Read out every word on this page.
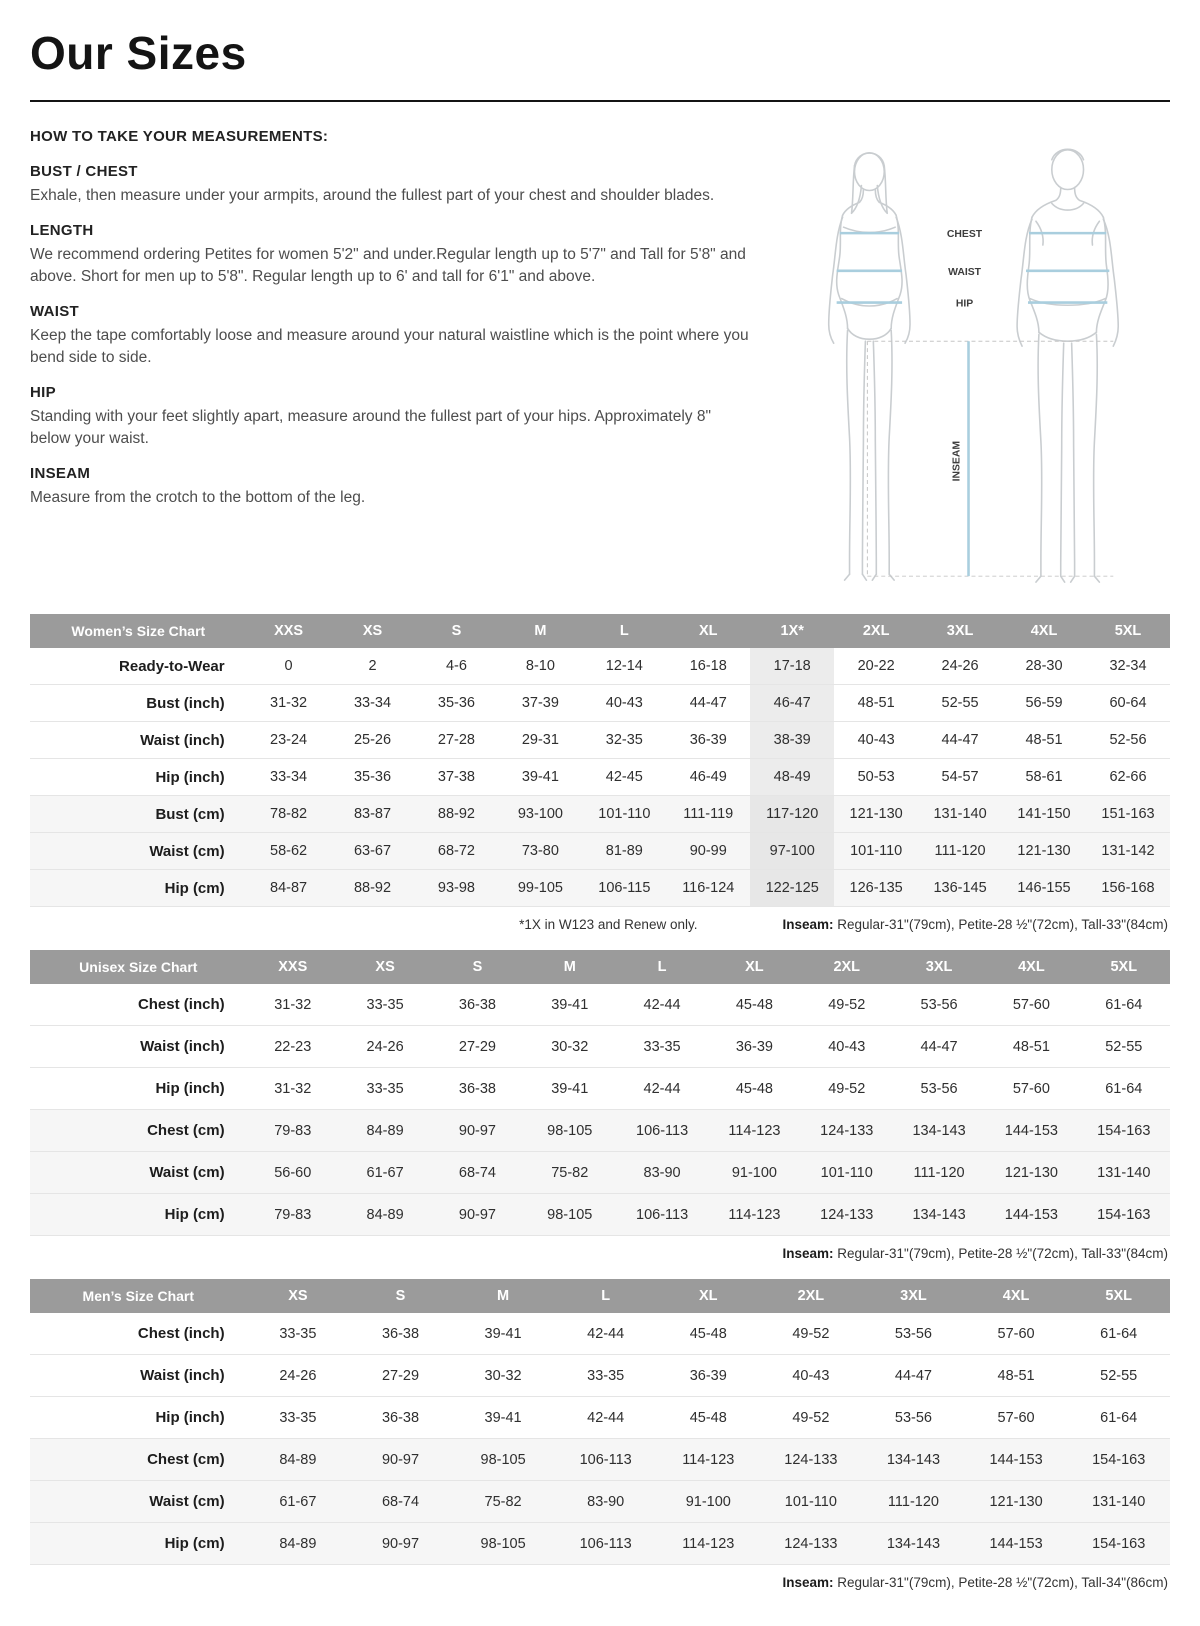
Our Sizes
HOW TO TAKE YOUR MEASUREMENTS:
BUST / CHEST
Exhale, then measure under your armpits, around the fullest part of your chest and shoulder blades.
LENGTH
We recommend ordering Petites for women 5'2" and under.Regular length up to 5'7" and Tall for 5'8" and above. Short for men up to 5'8". Regular length up to 6' and tall for 6'1" and above.
WAIST
Keep the tape comfortably loose and measure around your natural waistline which is the point where you bend side to side.
HIP
Standing with your feet slightly apart, measure around the fullest part of your hips. Approximately 8" below your waist.
INSEAM
Measure from the crotch to the bottom of the leg.
CHEST
WAIST
HIP
INSEAM
Women’s Size Chart	XXS	XS	S	M	L	XL	1X*	2XL	3XL	4XL	5XL
Ready-to-Wear	0	2	4-6	8-10	12-14	16-18	17-18	20-22	24-26	28-30	32-34
Bust (inch)	31-32	33-34	35-36	37-39	40-43	44-47	46-47	48-51	52-55	56-59	60-64
Waist (inch)	23-24	25-26	27-28	29-31	32-35	36-39	38-39	40-43	44-47	48-51	52-56
Hip (inch)	33-34	35-36	37-38	39-41	42-45	46-49	48-49	50-53	54-57	58-61	62-66
Bust (cm)	78-82	83-87	88-92	93-100	101-110	111-119	117-120	121-130	131-140	141-150	151-163
Waist (cm)	58-62	63-67	68-72	73-80	81-89	90-99	97-100	101-110	111-120	121-130	131-142
Hip (cm)	84-87	88-92	93-98	99-105	106-115	116-124	122-125	126-135	136-145	146-155	156-168
*1X in W123 and Renew only.	Inseam: Regular-31"(79cm), Petite-28 ½"(72cm), Tall-33"(84cm)
Unisex Size Chart	XXS	XS	S	M	L	XL	2XL	3XL	4XL	5XL
Chest (inch)	31-32	33-35	36-38	39-41	42-44	45-48	49-52	53-56	57-60	61-64
Waist (inch)	22-23	24-26	27-29	30-32	33-35	36-39	40-43	44-47	48-51	52-55
Hip (inch)	31-32	33-35	36-38	39-41	42-44	45-48	49-52	53-56	57-60	61-64
Chest (cm)	79-83	84-89	90-97	98-105	106-113	114-123	124-133	134-143	144-153	154-163
Waist (cm)	56-60	61-67	68-74	75-82	83-90	91-100	101-110	111-120	121-130	131-140
Hip (cm)	79-83	84-89	90-97	98-105	106-113	114-123	124-133	134-143	144-153	154-163
Inseam: Regular-31"(79cm), Petite-28 ½"(72cm), Tall-33"(84cm)
Men’s Size Chart	XS	S	M	L	XL	2XL	3XL	4XL	5XL
Chest (inch)	33-35	36-38	39-41	42-44	45-48	49-52	53-56	57-60	61-64
Waist (inch)	24-26	27-29	30-32	33-35	36-39	40-43	44-47	48-51	52-55
Hip (inch)	33-35	36-38	39-41	42-44	45-48	49-52	53-56	57-60	61-64
Chest (cm)	84-89	90-97	98-105	106-113	114-123	124-133	134-143	144-153	154-163
Waist (cm)	61-67	68-74	75-82	83-90	91-100	101-110	111-120	121-130	131-140
Hip (cm)	84-89	90-97	98-105	106-113	114-123	124-133	134-143	144-153	154-163
Inseam: Regular-31"(79cm), Petite-28 ½"(72cm), Tall-34"(86cm)
